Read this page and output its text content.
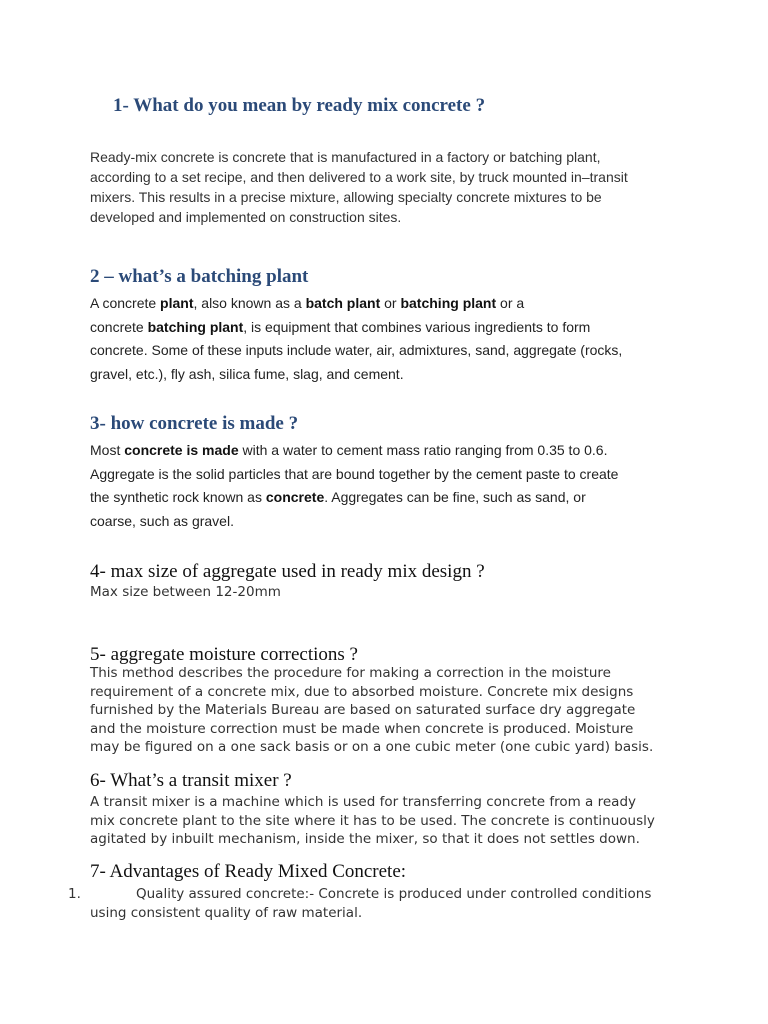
1- What do you mean by ready mix concrete ?
Ready-mix concrete is concrete that is manufactured in a factory or batching plant,
according to a set recipe, and then delivered to a work site, by truck mounted in–transit
mixers. This results in a precise mixture, allowing specialty concrete mixtures to be
developed and implemented on construction sites.
2 – what’s a batching plant
A concrete plant, also known as a batch plant or batching plant or a
concrete batching plant, is equipment that combines various ingredients to form
concrete. Some of these inputs include water, air, admixtures, sand, aggregate (rocks,
gravel, etc.), fly ash, silica fume, slag, and cement.
3- how concrete is made ?
Most concrete is made with a water to cement mass ratio ranging from 0.35 to 0.6.
Aggregate is the solid particles that are bound together by the cement paste to create
the synthetic rock known as concrete. Aggregates can be fine, such as sand, or
coarse, such as gravel.
4- max size of aggregate used in ready mix design ?
Max size between 12-20mm
5- aggregate moisture corrections ?
This method describes the procedure for making a correction in the moisture
requirement of a concrete mix, due to absorbed moisture. Concrete mix designs
furnished by the Materials Bureau are based on saturated surface dry aggregate
and the moisture correction must be made when concrete is produced. Moisture
may be figured on a one sack basis or on a one cubic meter (one cubic yard) basis.
6- What’s a transit mixer ?
A transit mixer is a machine which is used for transferring concrete from a ready
mix concrete plant to the site where it has to be used. The concrete is continuously
agitated by inbuilt mechanism, inside the mixer, so that it does not settles down.
7- Advantages of Ready Mixed Concrete:
1.	Quality assured concrete:- Concrete is produced under controlled conditions
using consistent quality of raw material.
